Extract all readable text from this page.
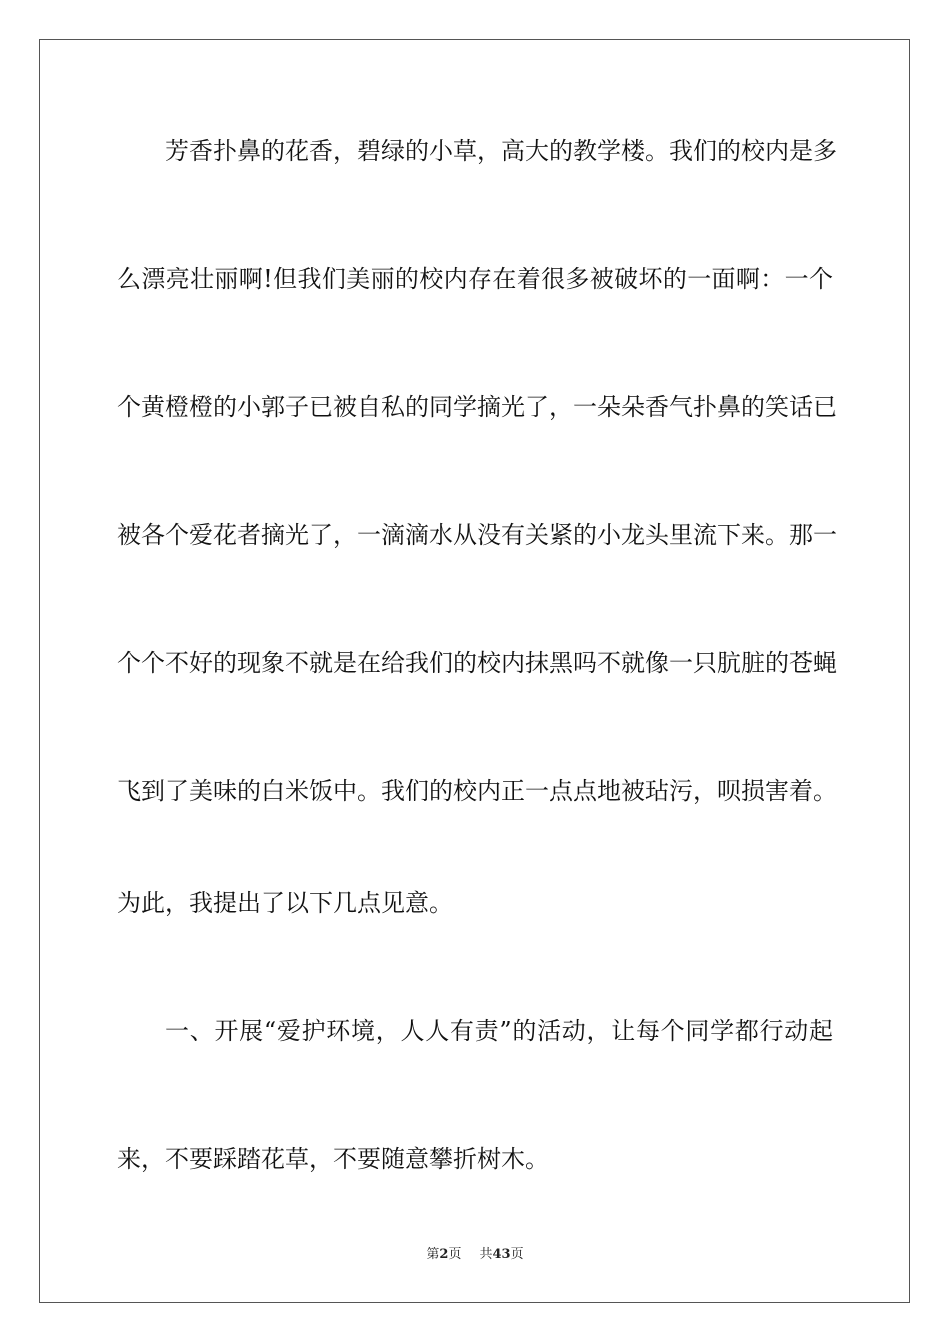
芳香扑鼻的花香，碧绿的小草，高大的教学楼。我们的校内是多
么漂亮壮丽啊!但我们美丽的校内存在着很多被破坏的一面啊：一个
个黄橙橙的小郭子已被自私的同学摘光了，一朵朵香气扑鼻的笑话已
被各个爱花者摘光了，一滴滴水从没有关紧的小龙头里流下来。那一
个个不好的现象不就是在给我们的校内抹黑吗不就像一只肮脏的苍蝇
飞到了美味的白米饭中。我们的校内正一点点地被玷污，呗损害着。
为此，我提出了以下几点见意。
一、开展“爱护环境，人人有责”的活动，让每个同学都行动起
来，不要踩踏花草，不要随意攀折树木。
第2页 共43页
